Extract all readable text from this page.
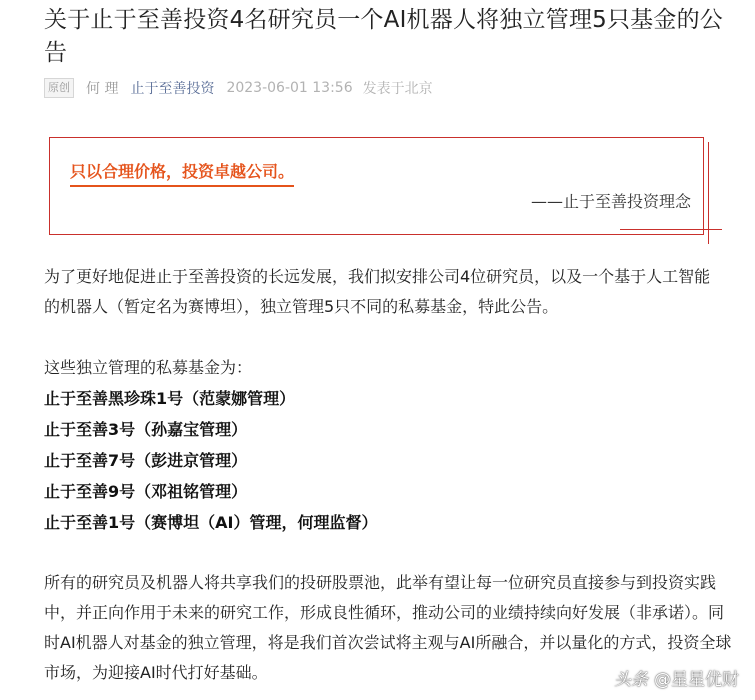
关于止于至善投资4名研究员一个AI机器人将独立管理5只基金的公告
原创 何 理 止于至善投资 2023-06-01 13:56 发表于北京
只以合理价格，投资卓越公司。
——止于至善投资理念

为了更好地促进止于至善投资的长远发展，我们拟安排公司4位研究员，以及一个基于人工智能的机器人（暂定名为赛博坦），独立管理5只不同的私募基金，特此公告。

这些独立管理的私募基金为：

止于至善黑珍珠1号（范蒙娜管理）
止于至善3号（孙嘉宝管理）
止于至善7号（彭进京管理）
止于至善9号（邓祖铭管理）
止于至善1号（赛博坦（AI）管理，何理监督）

所有的研究员及机器人将共享我们的投研股票池，此举有望让每一位研究员直接参与到投资实践中，并正向作用于未来的研究工作，形成良性循环，推动公司的业绩持续向好发展（非承诺）。同时AI机器人对基金的独立管理，将是我们首次尝试将主观与AI所融合，并以量化的方式，投资全球市场，为迎接AI时代打好基础。	头条 @星星优财
